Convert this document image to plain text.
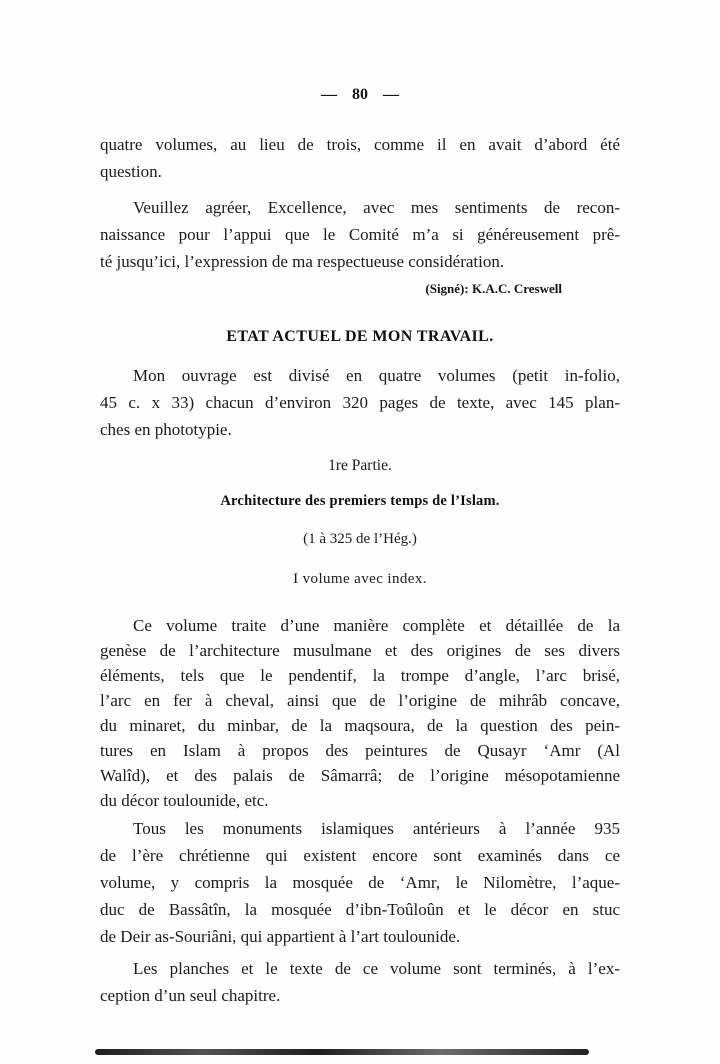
— 80 —
quatre volumes, au lieu de trois, comme il en avait d’abord été
question.
Veuillez agréer, Excellence, avec mes sentiments de recon-
naissance pour l’appui que le Comité m’a si généreusement prê-
té jusqu’ici, l’expression de ma respectueuse considération.
(Signé): K.A.C. Creswell
ETAT ACTUEL DE MON TRAVAIL.
Mon ouvrage est divisé en quatre volumes (petit in-folio,
45 c. x 33) chacun d’environ 320 pages de texte, avec 145 plan-
ches en phototypie.
1re Partie.
Architecture des premiers temps de l’Islam.
(1 à 325 de l’Hég.)
I volume avec index.
Ce volume traite d’une manière complète et détaillée de la
genèse de l’architecture musulmane et des origines de ses divers
éléments, tels que le pendentif, la trompe d’angle, l’arc brisé,
l’arc en fer à cheval, ainsi que de l’origine de mihrâb concave,
du minaret, du minbar, de la maqsoura, de la question des pein-
tures en Islam à propos des peintures de Qusayr ‘Amr (Al
Walîd), et des palais de Sâmarrâ; de l’origine mésopotamienne
du décor toulounide, etc.
Tous les monuments islamiques antérieurs à l’année 935
de l’ère chrétienne qui existent encore sont examinés dans ce
volume, y compris la mosquée de ‘Amr, le Nilomètre, l’aque-
duc de Bassâtîn, la mosquée d’ibn-Toûloûn et le décor en stuc
de Deir as-Souriâni, qui appartient à l’art toulounide.
Les planches et le texte de ce volume sont terminés, à l’ex-
ception d’un seul chapitre.
